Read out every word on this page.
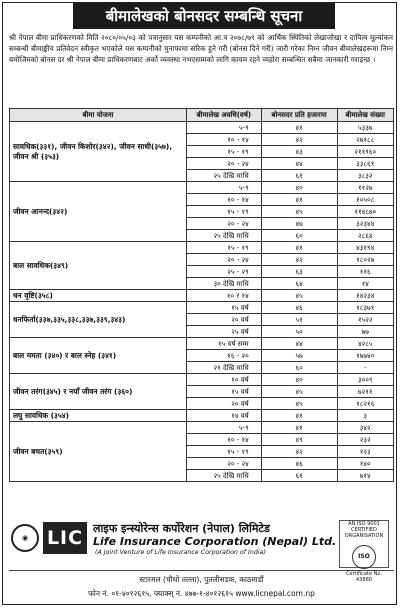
बीमालेखको बोनसदर सम्बन्धि सूचना
श्री नेपाल बीमा प्राधिकरणको मिति २०८०/०५/०३ को पत्रानुसार यस कम्पनीको आ.व २०७८/७९ को आर्थिक स्थितिको लेखाजोखा र दायित्व मूल्यांकन सम्बन्धी बीमाङ्कीय प्रतिवेदन स्वीकृत भएकोले यस कम्पनीको मुनाफामा सरिक हुने गरी (बोनस दिने गरी) जारी गरेका निम्न जीवन बीमालेखहरूमा निम्न बमोजिमको बोनस दर श्री नेपाल बीमा प्राधिकरणबाट अर्को व्यवस्था नभएसम्मको लागि कायम रहने व्यहोरा सम्बन्धित सबैमा जानकारी गराइन्छ ।
बीमा योजना	बीमालेख अवधि(वर्ष)	बोनसदर प्रति हजारमा	बीमालेख संख्या
सावधिक(३३१), जीवन किशोर(३४२), जीवन साथी(३५७), जीवन श्री (३५३)	५-९	४१	५३३७
	१० - १४	४२	२७१८८
	१५ - १९	४३	२११९६०
	२० - २४	४४	३३८६१
	२५ देखि माथि	६१	३८३२
जीवन आनन्द(३४२)	५-९	४०	११२७
	१० - १४	४१	१०५०८
	१५ - १९	४५	११४८७०
	२० - २४	४७	३२३४४
	२५ देखि माथि	६०	२८६४
बाल सावधिक(३४९)	१५ - १९	४१	४३१९४
	२० - २४	४२	१८०२७
	२५ - २९	६३	११६
	३० देखि माथि	६४	१४
धन वृष्टि(३५८)	१० र १४	४५	१४२३४
धनफिर्ता(३३७,३३५,३३८,३३७,३३९,३४३)	१५ वर्ष	४६	१८३७१
	२० वर्ष	५१	१५२२
	२५ वर्ष	५०	७७
बाल ममता (३४०) र बाल स्नेह (३४१)	१५ वर्ष सम्म	४४	४२८५
	१६ - २०	५७	१७७४०
	२१ देखि माथि	६०	-
जीवन तरंग(३४५) र नयाँ जीवन तरंग (३६०)	१० वर्ष	४०	३००९
	१५ वर्ष	४५	७२११
	२० वर्ष	४५	१८२१६
लघु सावधिक (३५४)	१४ वर्ष	४१	३
जीवन बचत(३५९)	५-९	४१	३४२
	१० - १४	४९	२३२
	१५ - १९	४२	१२३
	२० - २४	४६	१४०
	२५ देखि माथि	६१	७१४
◉ LIC लाइफ इन्स्योरेन्स कर्पोरेशन (नेपाल) लिमिटेड
Life Insurance Corporation (Nepal) Ltd.
(A Joint Venture of Life Insurance Corporation of India)
AN ISO 9001 CERTIFIED ORGANISATION
ISO
Certificate No. 43880
स्टारमल (चौथो तल्ला), पुतलीसडक, काठमाडौं
फोन नं. ०१-४०१२६१५, फ्याक्स् नं. ४७७-१-४०१२६१५ www.licnepal.com.np
